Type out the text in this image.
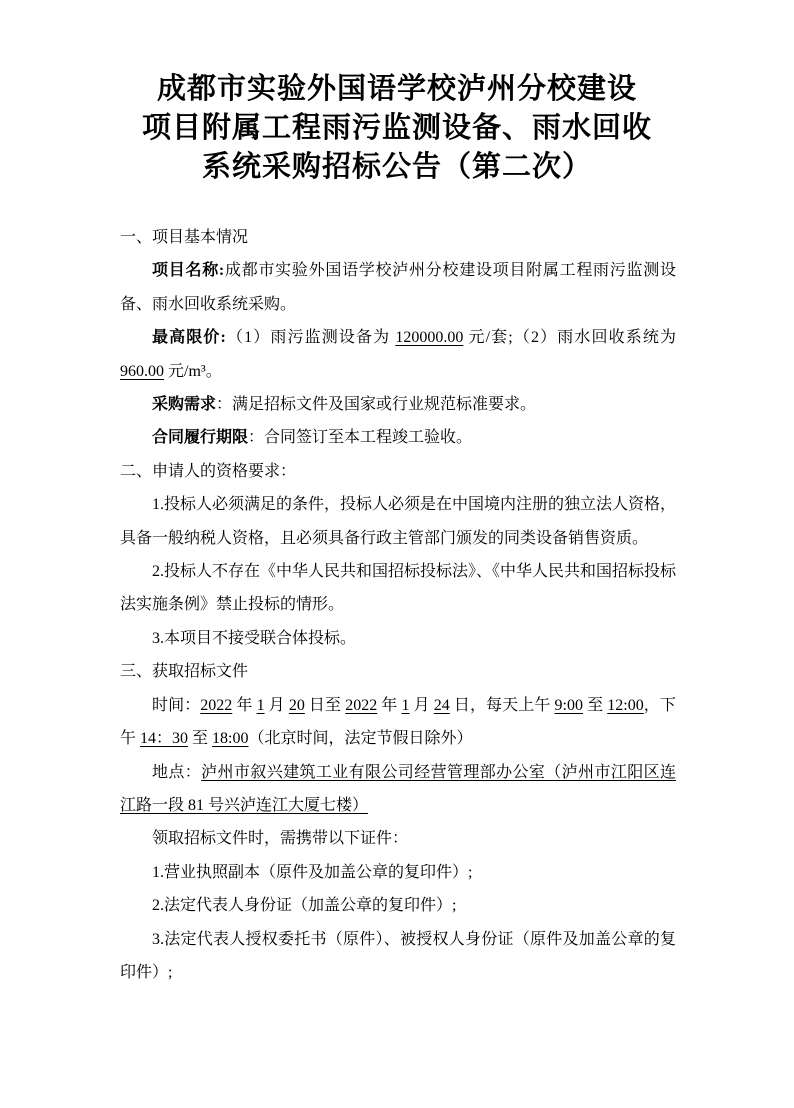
成都市实验外国语学校泸州分校建设
项目附属工程雨污监测设备、雨水回收
系统采购招标公告（第二次）

一、项目基本情况

项目名称:成都市实验外国语学校泸州分校建设项目附属工程雨污监测设备、雨水回收系统采购。

最高限价:（1）雨污监测设备为 120000.00 元/套;（2）雨水回收系统为 960.00 元/m³。

采购需求：满足招标文件及国家或行业规范标准要求。

合同履行期限：合同签订至本工程竣工验收。

二、申请人的资格要求：

1.投标人必须满足的条件，投标人必须是在中国境内注册的独立法人资格，具备一般纳税人资格，且必须具备行政主管部门颁发的同类设备销售资质。

2.投标人不存在《中华人民共和国招标投标法》、《中华人民共和国招标投标法实施条例》禁止投标的情形。

3.本项目不接受联合体投标。

三、获取招标文件

时间：2022 年 1 月 20 日至 2022 年 1 月 24 日，每天上午 9:00 至 12:00，下午 14：30 至 18:00（北京时间，法定节假日除外）

地点：泸州市叙兴建筑工业有限公司经营管理部办公室（泸州市江阳区连江路一段 81 号兴泸连江大厦七楼）

领取招标文件时，需携带以下证件：

1.营业执照副本（原件及加盖公章的复印件）;

2.法定代表人身份证（加盖公章的复印件）;

3.法定代表人授权委托书（原件）、被授权人身份证（原件及加盖公章的复印件）;
